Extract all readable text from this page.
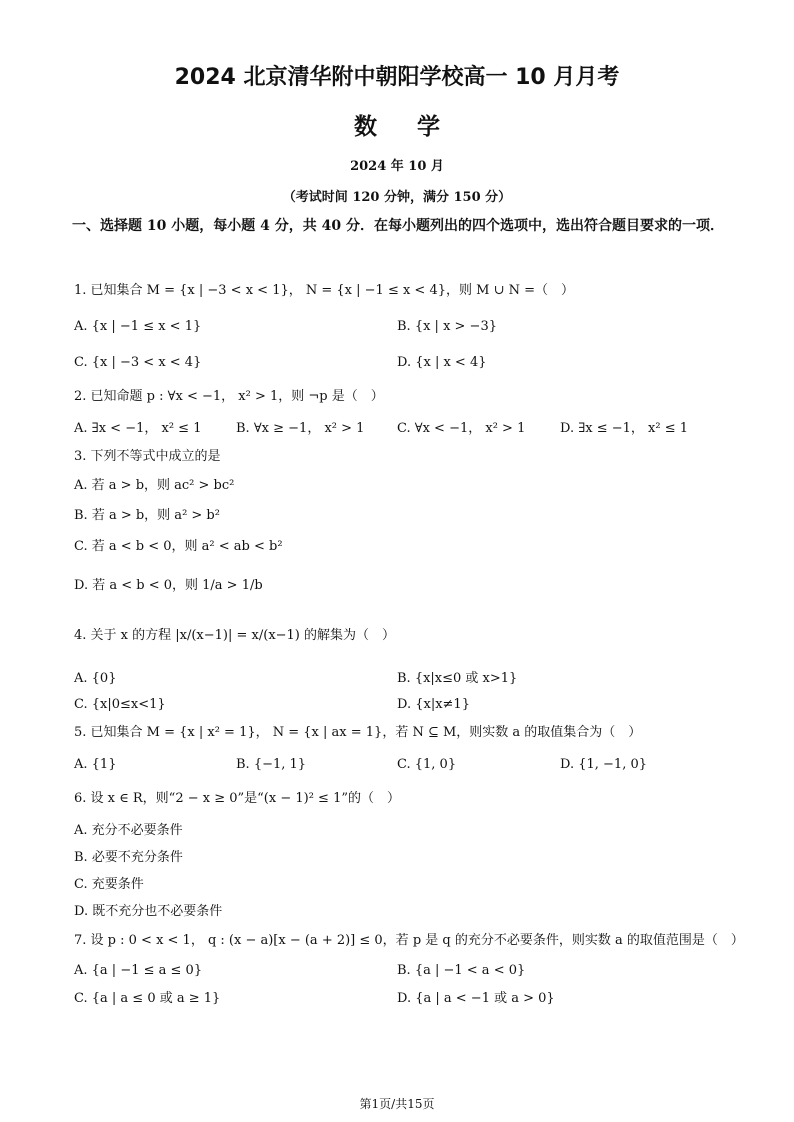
2024 北京清华附中朝阳学校高一 10 月月考
数学
2024 年 10 月
（考试时间 120 分钟，满分 150 分）
一、选择题 10 小题，每小题 4 分，共 40 分．在每小题列出的四个选项中，选出符合题目要求的一项．
1. 已知集合 M = {x | −3 < x < 1}， N = {x | −1 ≤ x < 4}，则 M ∪ N =（　）
A. {x | −1 ≤ x < 1}	B. {x | x > −3}
C. {x | −3 < x < 4}	D. {x | x < 4}
2. 已知命题 p : ∀x < −1， x² > 1，则 ¬p 是（　）
A. ∃x < −1， x² ≤ 1	B. ∀x ≥ −1， x² > 1	C. ∀x < −1， x² > 1	D. ∃x ≤ −1， x² ≤ 1
3. 下列不等式中成立的是
A. 若 a > b，则 ac² > bc²
B. 若 a > b，则 a² > b²
C. 若 a < b < 0，则 a² < ab < b²
D. 若 a < b < 0，则 1/a > 1/b
4. 关于 x 的方程 |x/(x−1)| = x/(x−1) 的解集为（　）
A. {0}	B. {x|x≤0 或 x>1}
C. {x|0≤x<1}	D. {x|x≠1}
5. 已知集合 M = {x | x² = 1}， N = {x | ax = 1}，若 N ⊆ M，则实数 a 的取值集合为（　）
A. {1}	B. {−1, 1}	C. {1, 0}	D. {1, −1, 0}
6. 设 x ∈ R，则“2 − x ≥ 0”是“(x − 1)² ≤ 1”的（　）
A. 充分不必要条件
B. 必要不充分条件
C. 充要条件
D. 既不充分也不必要条件
7. 设 p : 0 < x < 1， q : (x − a)[x − (a + 2)] ≤ 0，若 p 是 q 的充分不必要条件，则实数 a 的取值范围是（　）
A. {a | −1 ≤ a ≤ 0}	B. {a | −1 < a < 0}
C. {a | a ≤ 0 或 a ≥ 1}	D. {a | a < −1 或 a > 0}
第1页/共15页
